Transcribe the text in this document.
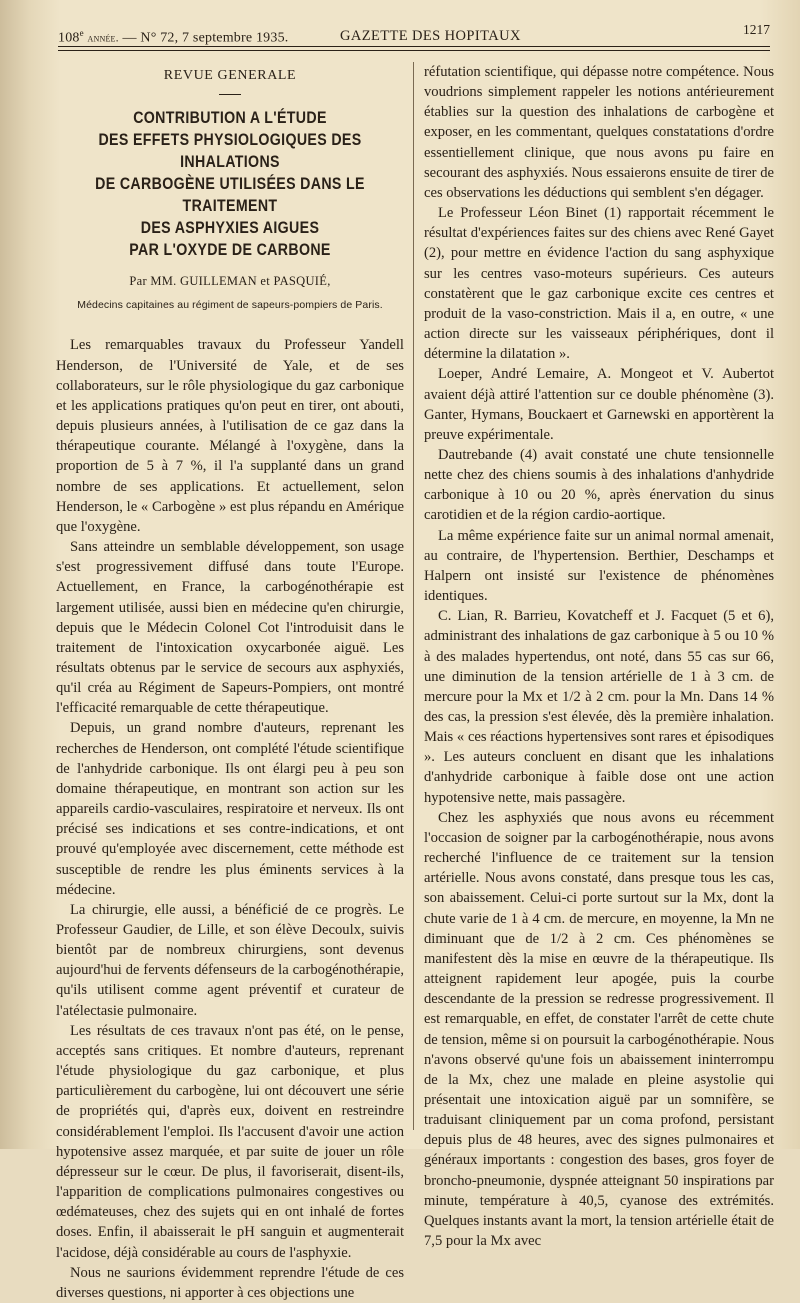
108e année. — N° 72, 7 septembre 1935.	GAZETTE DES HOPITAUX	1217
REVUE GENERALE
CONTRIBUTION A L'ÉTUDE
DES EFFETS PHYSIOLOGIQUES DES INHALATIONS
DE CARBOGÈNE UTILISÉES DANS LE TRAITEMENT
DES ASPHYXIES AIGUES
PAR L'OXYDE DE CARBONE
Par MM. GUILLEMAN et PASQUIÉ,
Médecins capitaines au régiment de sapeurs-pompiers de Paris.

Les remarquables travaux du Professeur Yandell Henderson, de l'Université de Yale, et de ses collaborateurs, sur le rôle physiologique du gaz carbonique et les applications pratiques qu'on peut en tirer, ont abouti, depuis plusieurs années, à l'utilisation de ce gaz dans la thérapeutique courante. Mélangé à l'oxygène, dans la proportion de 5 à 7 %, il l'a supplanté dans un grand nombre de ses applications. Et actuellement, selon Henderson, le « Carbogène » est plus répandu en Amérique que l'oxygène.

Sans atteindre un semblable développement, son usage s'est progressivement diffusé dans toute l'Europe. Actuellement, en France, la carbogénothérapie est largement utilisée, aussi bien en médecine qu'en chirurgie, depuis que le Médecin Colonel Cot l'introduisit dans le traitement de l'intoxication oxycarbonée aiguë. Les résultats obtenus par le service de secours aux asphyxiés, qu'il créa au Régiment de Sapeurs-Pompiers, ont montré l'efficacité remarquable de cette thérapeutique.

Depuis, un grand nombre d'auteurs, reprenant les recherches de Henderson, ont complété l'étude scientifique de l'anhydride carbonique. Ils ont élargi peu à peu son domaine thérapeutique, en montrant son action sur les appareils cardio-vasculaires, respiratoire et nerveux. Ils ont précisé ses indications et ses contre-indications, et ont prouvé qu'employée avec discernement, cette méthode est susceptible de rendre les plus éminents services à la médecine.

La chirurgie, elle aussi, a bénéficié de ce progrès. Le Professeur Gaudier, de Lille, et son élève Decoulx, suivis bientôt par de nombreux chirurgiens, sont devenus aujourd'hui de fervents défenseurs de la carbogénothérapie, qu'ils utilisent comme agent préventif et curateur de l'atélectasie pulmonaire.

Les résultats de ces travaux n'ont pas été, on le pense, acceptés sans critiques. Et nombre d'auteurs, reprenant l'étude physiologique du gaz carbonique, et plus particulièrement du carbogène, lui ont découvert une série de propriétés qui, d'après eux, doivent en restreindre considérablement l'emploi. Ils l'accusent d'avoir une action hypotensive assez marquée, et par suite de jouer un rôle dépresseur sur le cœur. De plus, il favoriserait, disent-ils, l'apparition de complications pulmonaires congestives ou œdémateuses, chez des sujets qui en ont inhalé de fortes doses. Enfin, il abaisserait le pH sanguin et augmenterait l'acidose, déjà considérable au cours de l'asphyxie.

Nous ne saurions évidemment reprendre l'étude de ces diverses questions, ni apporter à ces objections une

réfutation scientifique, qui dépasse notre compétence. Nous voudrions simplement rappeler les notions antérieurement établies sur la question des inhalations de carbogène et exposer, en les commentant, quelques constatations d'ordre essentiellement clinique, que nous avons pu faire en secourant des asphyxiés. Nous essaierons ensuite de tirer de ces observations les déductions qui semblent s'en dégager.

Le Professeur Léon Binet (1) rapportait récemment le résultat d'expériences faites sur des chiens avec René Gayet (2), pour mettre en évidence l'action du sang asphyxique sur les centres vaso-moteurs supérieurs. Ces auteurs constatèrent que le gaz carbonique excite ces centres et produit de la vaso-constriction. Mais il a, en outre, « une action directe sur les vaisseaux périphériques, dont il détermine la dilatation ».

Loeper, André Lemaire, A. Mongeot et V. Aubertot avaient déjà attiré l'attention sur ce double phénomène (3). Ganter, Hymans, Bouckaert et Garnewski en apportèrent la preuve expérimentale.

Dautrebande (4) avait constaté une chute tensionnelle nette chez des chiens soumis à des inhalations d'anhydride carbonique à 10 ou 20 %, après énervation du sinus carotidien et de la région cardio-aortique.

La même expérience faite sur un animal normal amenait, au contraire, de l'hypertension. Berthier, Deschamps et Halpern ont insisté sur l'existence de phénomènes identiques.

C. Lian, R. Barrieu, Kovatcheff et J. Facquet (5 et 6), administrant des inhalations de gaz carbonique à 5 ou 10 % à des malades hypertendus, ont noté, dans 55 cas sur 66, une diminution de la tension artérielle de 1 à 3 cm. de mercure pour la Mx et 1/2 à 2 cm. pour la Mn. Dans 14 % des cas, la pression s'est élevée, dès la première inhalation. Mais « ces réactions hypertensives sont rares et épisodiques ». Les auteurs concluent en disant que les inhalations d'anhydride carbonique à faible dose ont une action hypotensive nette, mais passagère.

Chez les asphyxiés que nous avons eu récemment l'occasion de soigner par la carbogénothérapie, nous avons recherché l'influence de ce traitement sur la tension artérielle. Nous avons constaté, dans presque tous les cas, son abaissement. Celui-ci porte surtout sur la Mx, dont la chute varie de 1 à 4 cm. de mercure, en moyenne, la Mn ne diminuant que de 1/2 à 2 cm. Ces phénomènes se manifestent dès la mise en œuvre de la thérapeutique. Ils atteignent rapidement leur apogée, puis la courbe descendante de la pression se redresse progressivement. Il est remarquable, en effet, de constater l'arrêt de cette chute de tension, même si on poursuit la carbogénothérapie. Nous n'avons observé qu'une fois un abaissement ininterrompu de la Mx, chez une malade en pleine asystolie qui présentait une intoxication aiguë par un somnifère, se traduisant cliniquement par un coma profond, persistant depuis plus de 48 heures, avec des signes pulmonaires et généraux importants : congestion des bases, gros foyer de broncho-pneumonie, dyspnée atteignant 50 inspirations par minute, température à 40,5, cyanose des extrémités. Quelques instants avant la mort, la tension artérielle était de 7,5 pour la Mx avec
